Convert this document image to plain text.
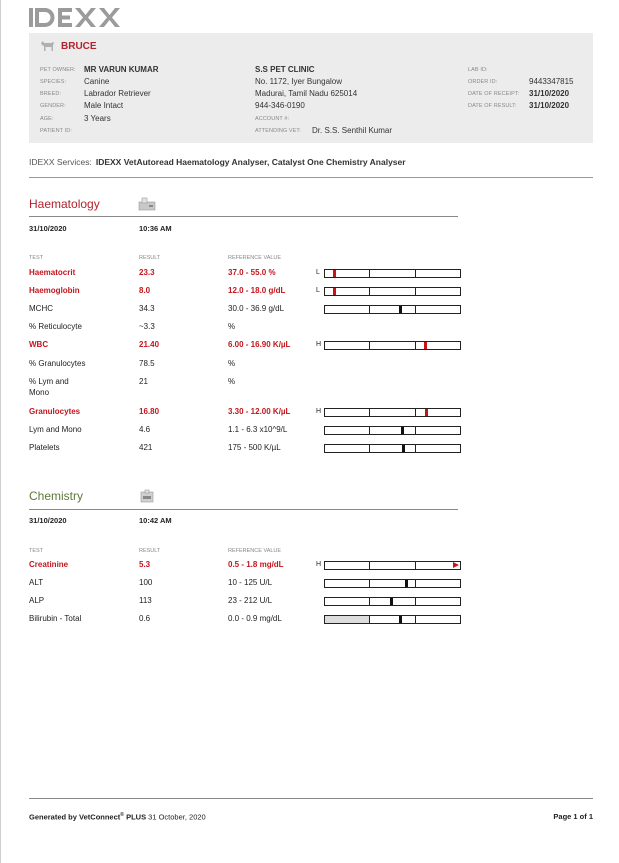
BRUCE
PET OWNER: MR VARUN KUMAR
SPECIES: Canine
BREED:	Labrador Retriever
GENDER: Male Intact
AGE:	3 Years
PATIENT ID:
S.S PET CLINIC
No. 1172, Iyer Bungalow
Madurai, Tamil Nadu 625014
944-346-0190
ACCOUNT #:
ATTENDING VET: Dr. S.S. Senthil Kumar
LAB ID:
ORDER ID:	9443347815
DATE OF RECEIPT: 31/10/2020
DATE OF RESULT: 31/10/2020
IDEXX Services: IDEXX VetAutoread Haematology Analyser, Catalyst One Chemistry Analyser
Haematology
31/10/2020	10:36 AM
TEST	RESULT	REFERENCE VALUE
Haematocrit	23.3	37.0 - 55.0 %	L
Haemoglobin	8.0	12.0 - 18.0 g/dL	L
MCHC	34.3	30.0 - 36.9 g/dL
% Reticulocyte	~3.3	%
WBC	21.40	6.00 - 16.90 K/µL	H
% Granulocytes	78.5	%
% Lym and Mono
21	%
Granulocytes	16.80	3.30 - 12.00 K/µL	H
Lym and Mono	4.6	1.1 - 6.3 x10^9/L
Platelets	421	175 - 500 K/µL
Chemistry
31/10/2020	10:42 AM
TEST	RESULT	REFERENCE VALUE
Creatinine	5.3	0.5 - 1.8 mg/dL	H
ALT	100	10 - 125 U/L
ALP	113	23 - 212 U/L
Bilirubin - Total	0.6	0.0 - 0.9 mg/dL
Generated by VetConnect® PLUS 31 October, 2020	Page 1 of 1
